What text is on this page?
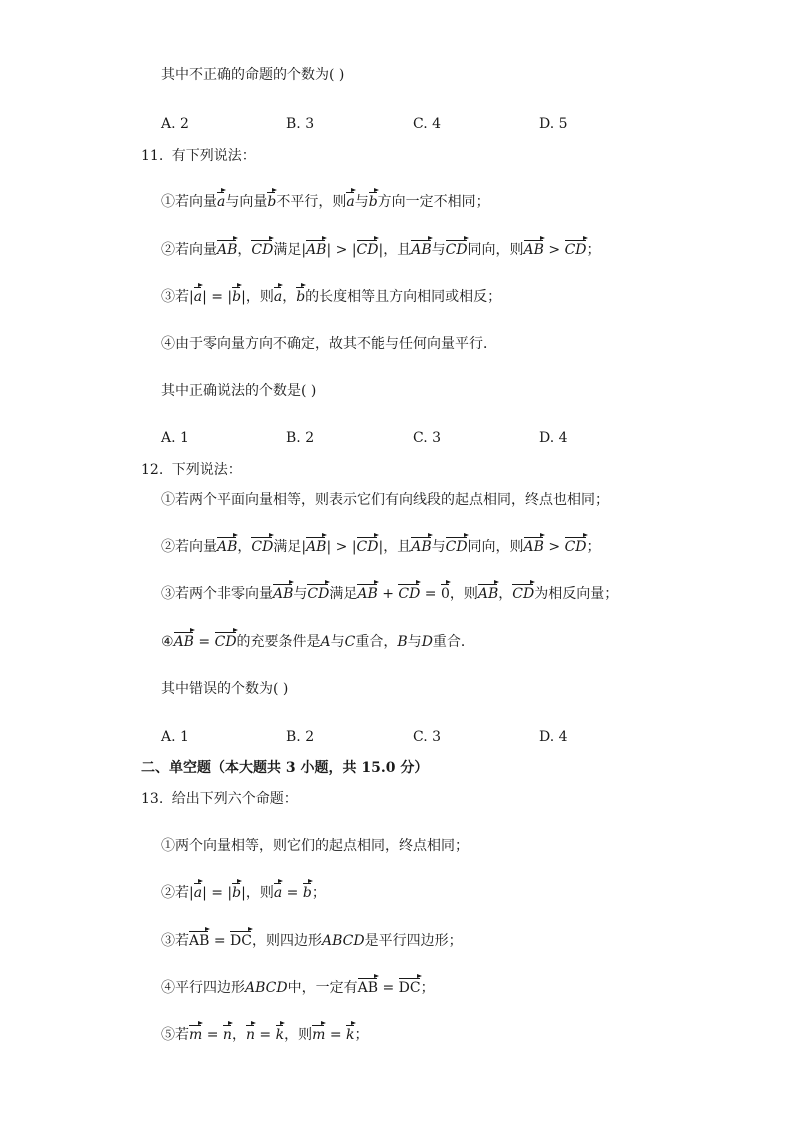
其中不正确的命题的个数为( )
A. 2	B. 3	C. 4	D. 5
11. 有下列说法：
①若向量a与向量b不平行，则a与b方向一定不相同；
②若向量AB，CD满足|AB| > |CD|，且AB与CD同向，则AB > CD；
③若|a| = |b|，则a，b的长度相等且方向相同或相反；
④由于零向量方向不确定，故其不能与任何向量平行．
其中正确说法的个数是( )
A. 1	B. 2	C. 3	D. 4
12. 下列说法：
①若两个平面向量相等，则表示它们有向线段的起点相同，终点也相同；
②若向量AB，CD满足|AB| > |CD|，且AB与CD同向，则AB > CD；
③若两个非零向量AB与CD满足AB + CD = 0，则AB，CD为相反向量；
④AB = CD的充要条件是A与C重合，B与D重合．
其中错误的个数为( )
A. 1	B. 2	C. 3	D. 4
二、单空题（本大题共 3 小题，共 15.0 分）
13. 给出下列六个命题：
①两个向量相等，则它们的起点相同，终点相同；
②若|a| = |b|，则a = b；
③若AB = DC，则四边形ABCD是平行四边形；
④平行四边形ABCD中，一定有AB = DC；
⑤若m = n，n = k，则m = k；
